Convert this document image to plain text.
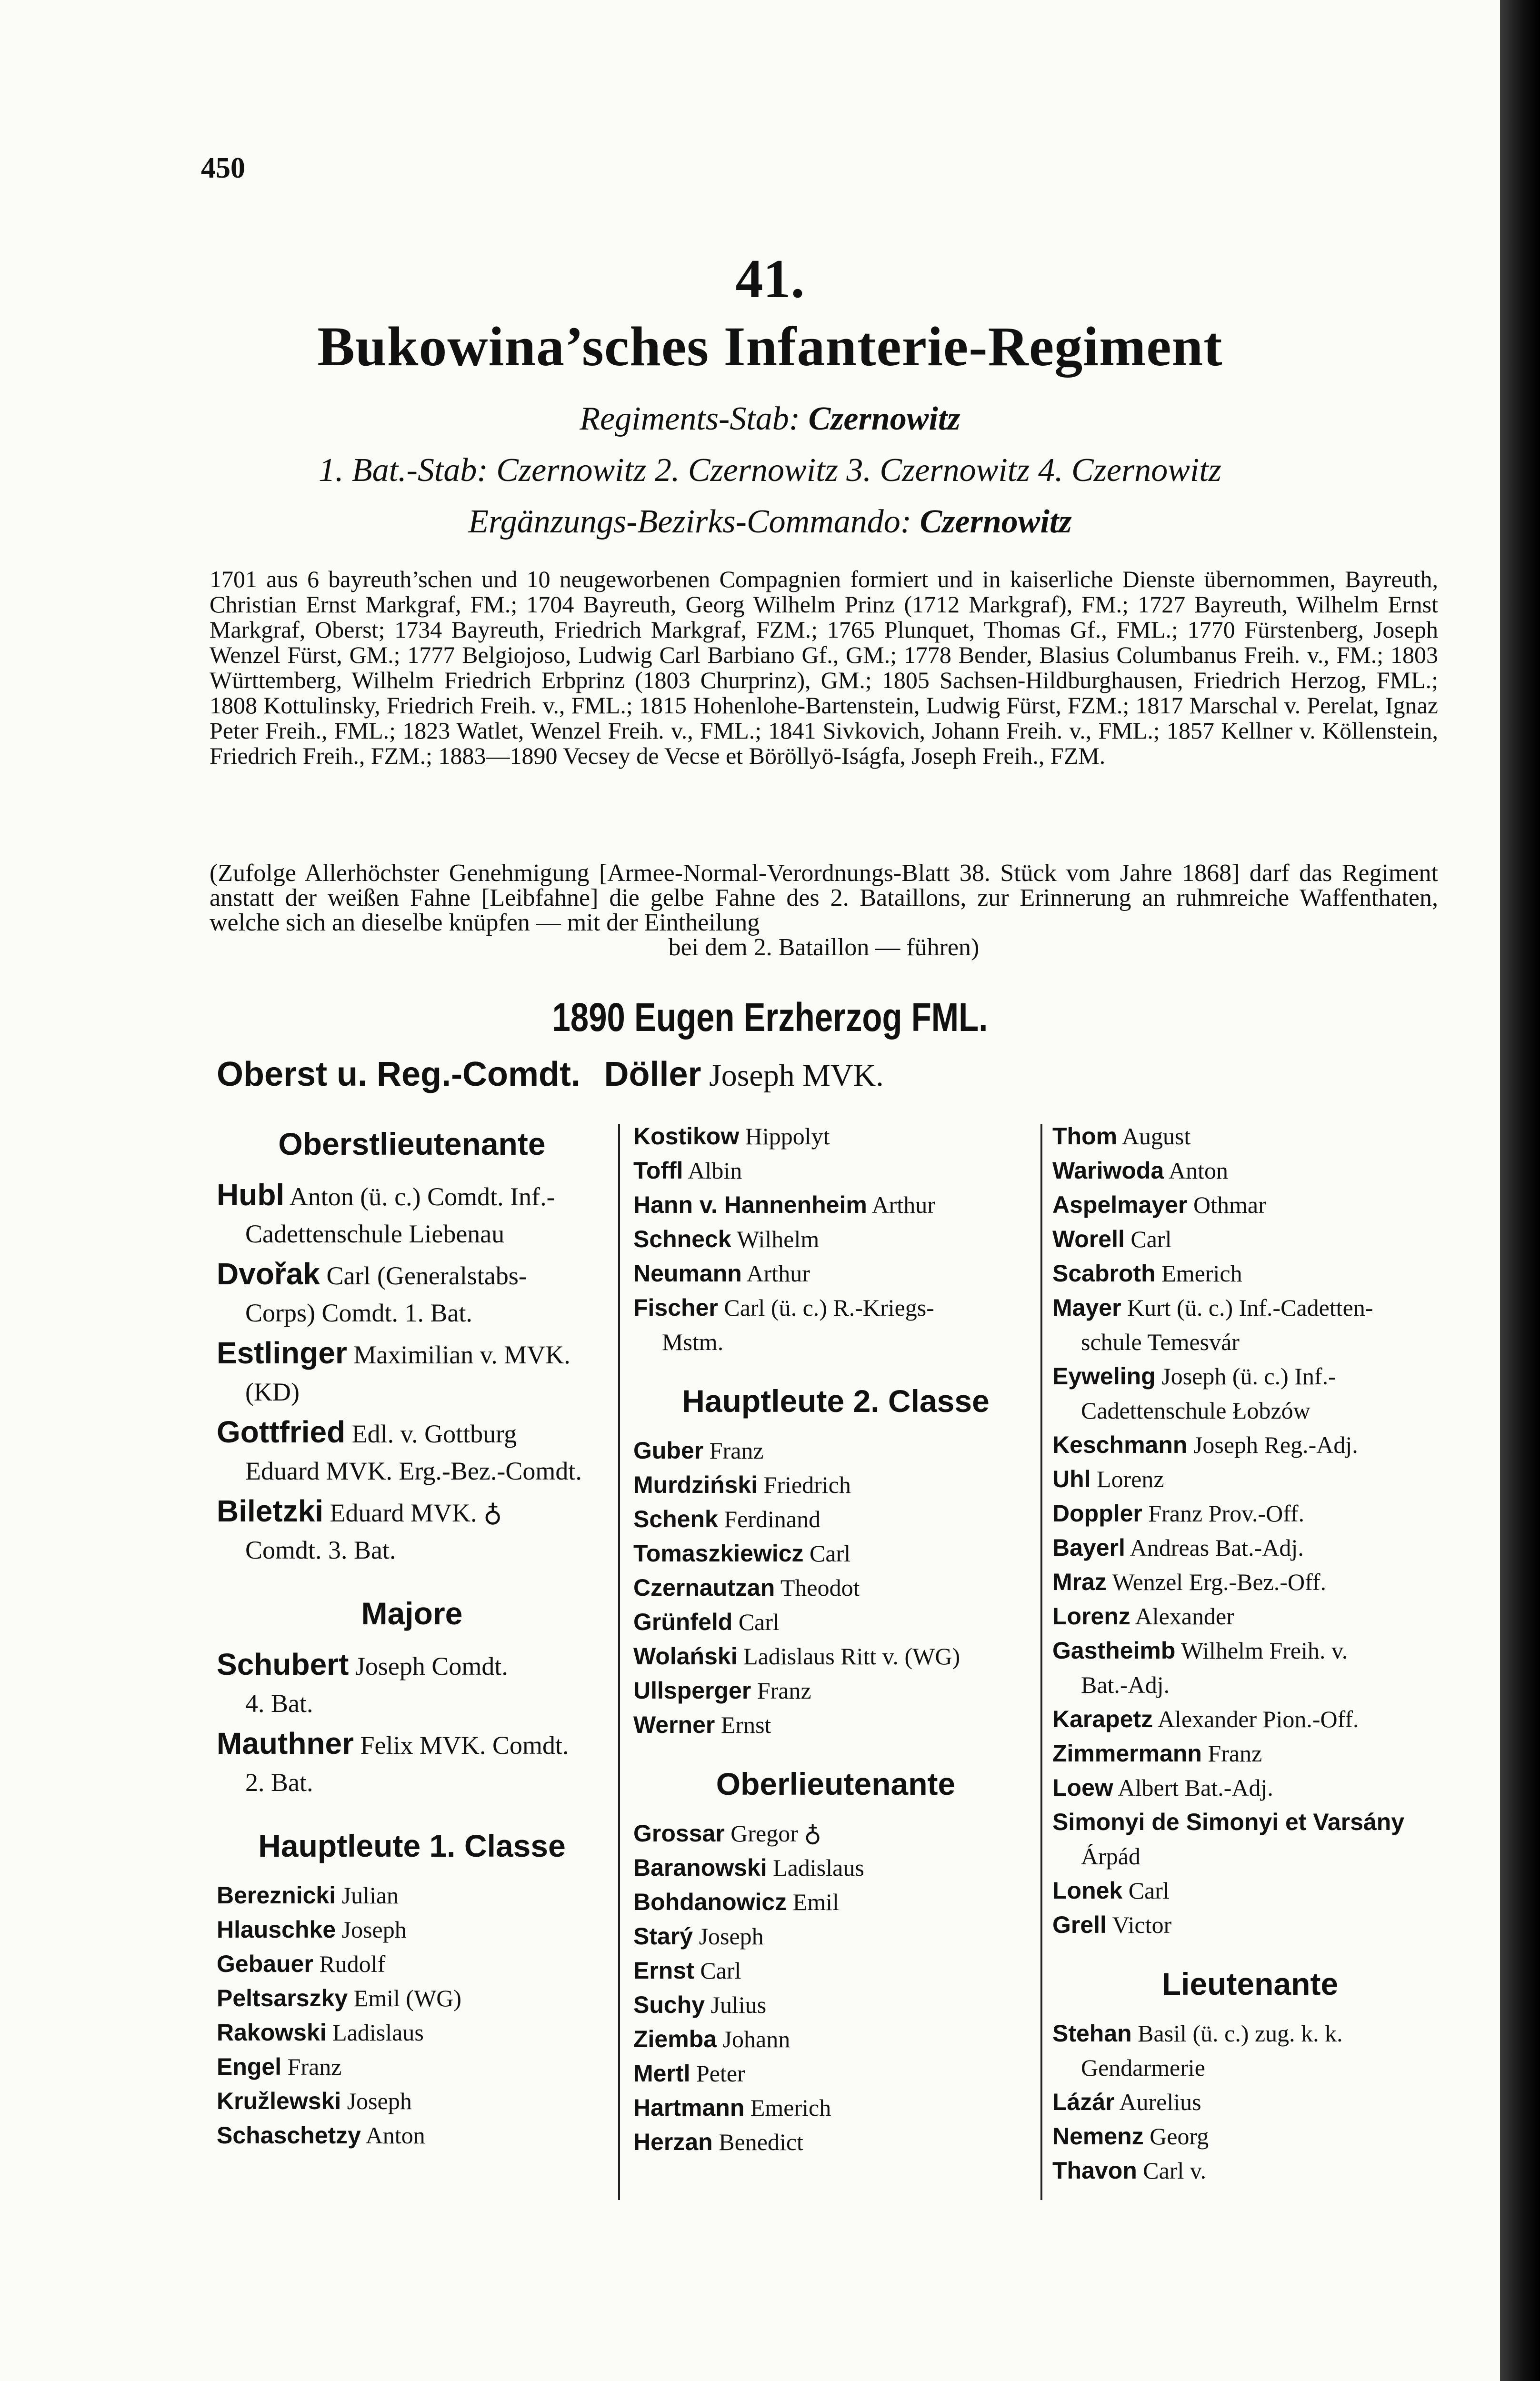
450
41.
Bukowina’sches Infanterie-Regiment
Regiments-Stab: Czernowitz
1. Bat.-Stab: Czernowitz 2. Czernowitz 3. Czernowitz 4. Czernowitz
Ergänzungs-Bezirks-Commando: Czernowitz
1701 aus 6 bayreuth’schen und 10 neugeworbenen Compagnien formiert und in kaiserliche Dienste übernommen, Bayreuth, Christian Ernst Markgraf, FM.; 1704 Bayreuth, Georg Wilhelm Prinz (1712 Markgraf), FM.; 1727 Bayreuth, Wilhelm Ernst Markgraf, Oberst; 1734 Bayreuth, Friedrich Markgraf, FZM.; 1765 Plunquet, Thomas Gf., FML.; 1770 Fürstenberg, Joseph Wenzel Fürst, GM.; 1777 Belgiojoso, Ludwig Carl Barbiano Gf., GM.; 1778 Bender, Blasius Columbanus Freih. v., FM.; 1803 Württemberg, Wilhelm Friedrich Erbprinz (1803 Churprinz), GM.; 1805 Sachsen-Hildburghausen, Friedrich Herzog, FML.; 1808 Kottulinsky, Friedrich Freih. v., FML.; 1815 Hohenlohe-Bartenstein, Ludwig Fürst, FZM.; 1817 Marschal v. Perelat, Ignaz Peter Freih., FML.; 1823 Watlet, Wenzel Freih. v., FML.; 1841 Sivkovich, Johann Freih. v., FML.; 1857 Kellner v. Köllenstein, Friedrich Freih., FZM.; 1883—1890 Vecsey de Vecse et Böröllyö-Iságfa, Joseph Freih., FZM.
(Zufolge Allerhöchster Genehmigung [Armee-Normal-Verordnungs-Blatt 38. Stück vom Jahre 1868] darf das Regiment anstatt der weißen Fahne [Leibfahne] die gelbe Fahne des 2. Bataillons, zur Erinnerung an ruhmreiche Waffenthaten, welche sich an dieselbe knüpfen — mit der Eintheilung
bei dem 2. Bataillon — führen)
1890 Eugen Erzherzog FML.
Oberst u. Reg.-Comdt. Döller Joseph MVK.
Oberstlieutenante
Hubl Anton (ü. c.) Comdt. Inf.-
Cadettenschule Liebenau
Dvořak Carl (Generalstabs-
Corps) Comdt. 1. Bat.
Estlinger Maximilian v. MVK.
(KD)
Gottfried Edl. v. Gottburg
Eduard MVK. Erg.-Bez.-Comdt.
Biletzki Eduard MVK. ♁
Comdt. 3. Bat.
Majore
Schubert Joseph Comdt.
4. Bat.
Mauthner Felix MVK. Comdt.
2. Bat.
Hauptleute 1. Classe
Bereznicki Julian
Hlauschke Joseph
Gebauer Rudolf
Peltsarszky Emil (WG)
Rakowski Ladislaus
Engel Franz
Kružlewski Joseph
Schaschetzy Anton
Kostikow Hippolyt
Toffl Albin
Hann v. Hannenheim Arthur
Schneck Wilhelm
Neumann Arthur
Fischer Carl (ü. c.) R.-Kriegs-
Mstm.
Hauptleute 2. Classe
Guber Franz
Murdziński Friedrich
Schenk Ferdinand
Tomaszkiewicz Carl
Czernautzan Theodot
Grünfeld Carl
Wolański Ladislaus Ritt v. (WG)
Ullsperger Franz
Werner Ernst
Oberlieutenante
Grossar Gregor ♁
Baranowski Ladislaus
Bohdanowicz Emil
Starý Joseph
Ernst Carl
Suchy Julius
Ziemba Johann
Mertl Peter
Hartmann Emerich
Herzan Benedict
Thom August
Wariwoda Anton
Aspelmayer Othmar
Worell Carl
Scabroth Emerich
Mayer Kurt (ü. c.) Inf.-Cadetten-
schule Temesvár
Eyweling Joseph (ü. c.) Inf.-
Cadettenschule Łobzów
Keschmann Joseph Reg.-Adj.
Uhl Lorenz
Doppler Franz Prov.-Off.
Bayerl Andreas Bat.-Adj.
Mraz Wenzel Erg.-Bez.-Off.
Lorenz Alexander
Gastheimb Wilhelm Freih. v.
Bat.-Adj.
Karapetz Alexander Pion.-Off.
Zimmermann Franz
Loew Albert Bat.-Adj.
Simonyi de Simonyi et Varsány
Árpád
Lonek Carl
Grell Victor
Lieutenante
Stehan Basil (ü. c.) zug. k. k.
Gendarmerie
Lázár Aurelius
Nemenz Georg
Thavon Carl v.
